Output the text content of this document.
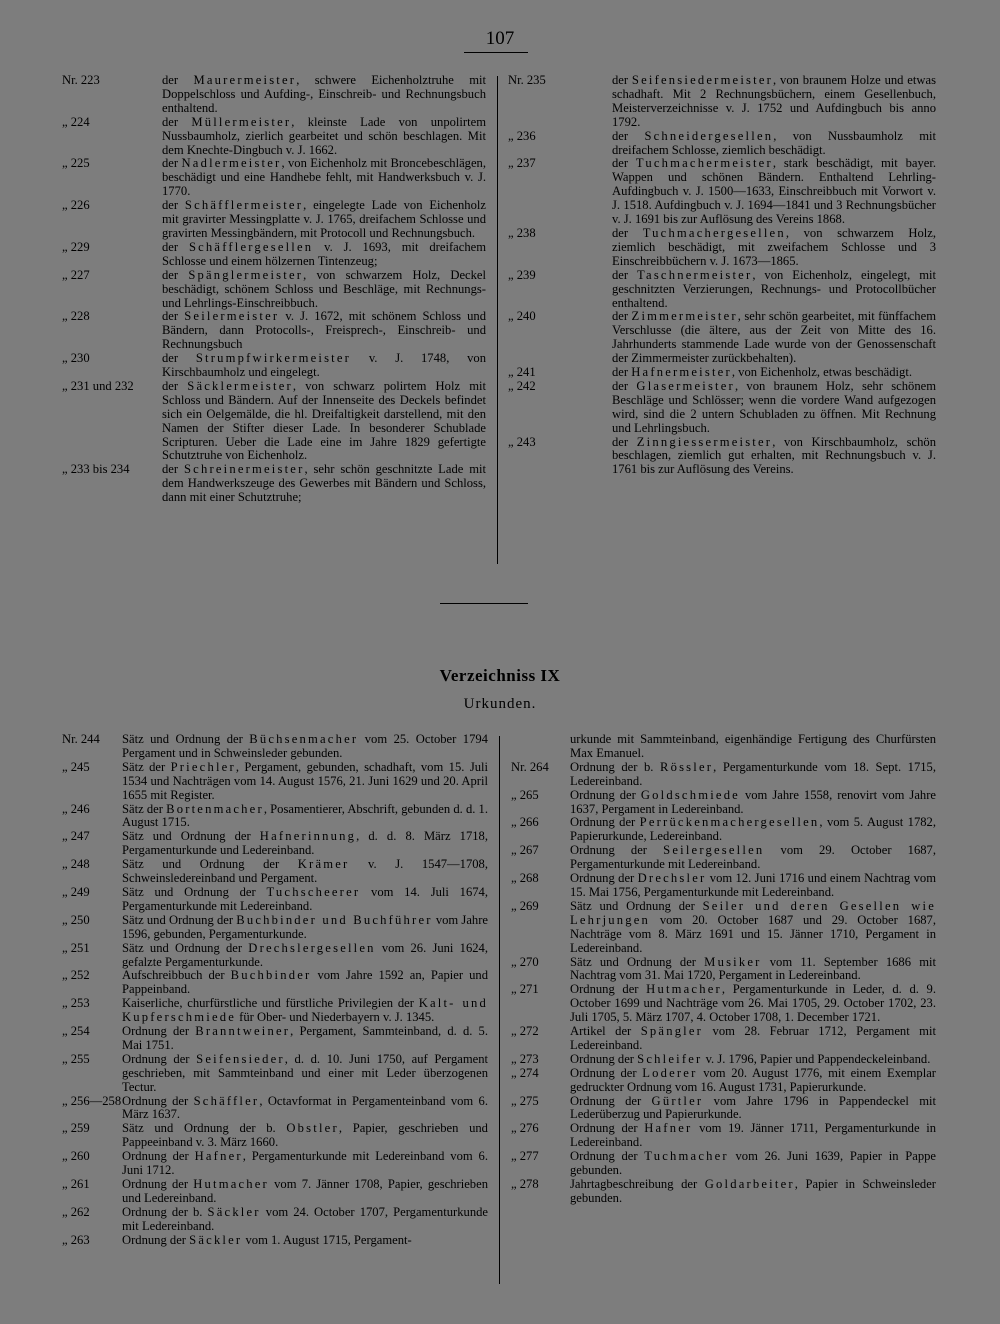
107
Nr. 223	der Maurermeister, schwere Eichenholztruhe mit Doppelschloss und Aufding-, Einschreib- und Rechnungsbuch enthaltend.
„ 224	der Müllermeister, kleinste Lade von unpolirtem Nussbaumholz, zierlich gearbeitet und schön beschlagen. Mit dem Knechte-Dingbuch v. J. 1662.
„ 225	der Nadlermeister, von Eichenholz mit Broncebeschlägen, beschädigt und eine Handhebe fehlt, mit Handwerksbuch v. J. 1770.
„ 226	der Schäfflermeister, eingelegte Lade von Eichenholz mit gravirter Messingplatte v. J. 1765, dreifachem Schlosse und gravirten Messingbändern, mit Protocoll und Rechnungsbuch.
„ 229	der Schäfflergesellen v. J. 1693, mit dreifachem Schlosse und einem hölzernen Tintenzeug;
„ 227	der Spänglermeister, von schwarzem Holz, Deckel beschädigt, schönem Schloss und Beschläge, mit Rechnungs- und Lehrlings-Einschreibbuch.
„ 228	der Seilermeister v. J. 1672, mit schönem Schloss und Bändern, dann Protocolls-, Freisprech-, Einschreib- und Rechnungsbuch
„ 230	der Strumpfwirkermeister v. J. 1748, von Kirschbaumholz und eingelegt.
„ 231 und 232	der Säcklermeister, von schwarz polirtem Holz mit Schloss und Bändern. Auf der Innenseite des Deckels befindet sich ein Oelgemälde, die hl. Dreifaltigkeit darstellend, mit den Namen der Stifter dieser Lade. In besonderer Schublade Scripturen. Ueber die Lade eine im Jahre 1829 gefertigte Schutztruhe von Eichenholz.
„ 233 bis 234	der Schreinermeister, sehr schön geschnitzte Lade mit dem Handwerkszeuge des Gewerbes mit Bändern und Schloss, dann mit einer Schutztruhe;
Nr. 235	der Seifensiedermeister, von braunem Holze und etwas schadhaft. Mit 2 Rechnungsbüchern, einem Gesellenbuch, Meisterverzeichnisse v. J. 1752 und Aufdingbuch bis anno 1792.
„ 236	der Schneidergesellen, von Nussbaumholz mit dreifachem Schlosse, ziemlich beschädigt.
„ 237	der Tuchmachermeister, stark beschädigt, mit bayer. Wappen und schönen Bändern. Enthaltend Lehrling-Aufdingbuch v. J. 1500—1633, Einschreibbuch mit Vorwort v. J. 1518. Aufdingbuch v. J. 1694—1841 und 3 Rechnungsbücher v. J. 1691 bis zur Auflösung des Vereins 1868.
„ 238	der Tuchmachergesellen, von schwarzem Holz, ziemlich beschädigt, mit zweifachem Schlosse und 3 Einschreibbüchern v. J. 1673—1865.
„ 239	der Taschnermeister, von Eichenholz, eingelegt, mit geschnitzten Verzierungen, Rechnungs- und Protocollbücher enthaltend.
„ 240	der Zimmermeister, sehr schön gearbeitet, mit fünffachem Verschlusse (die ältere, aus der Zeit von Mitte des 16. Jahrhunderts stammende Lade wurde von der Genossenschaft der Zimmermeister zurückbehalten).
„ 241	der Hafnermeister, von Eichenholz, etwas beschädigt.
„ 242	der Glasermeister, von braunem Holz, sehr schönem Beschläge und Schlösser; wenn die vordere Wand aufgezogen wird, sind die 2 untern Schubladen zu öffnen. Mit Rechnung und Lehrlingsbuch.
„ 243	der Zinngiessermeister, von Kirschbaumholz, schön beschlagen, ziemlich gut erhalten, mit Rechnungsbuch v. J. 1761 bis zur Auflösung des Vereins.
Verzeichniss IX
Urkunden.
Nr. 244	Sätz und Ordnung der Büchsenmacher vom 25. October 1794 Pergament und in Schweinsleder gebunden.
„ 245	Sätz der Priechler, Pergament, gebunden, schadhaft, vom 15. Juli 1534 und Nachträgen vom 14. August 1576, 21. Juni 1629 und 20. April 1655 mit Register.
„ 246	Sätz der Bortenmacher, Posamentierer, Abschrift, gebunden d. d. 1. August 1715.
„ 247	Sätz und Ordnung der Hafnerinnung, d. d. 8. März 1718, Pergamenturkunde und Ledereinband.
„ 248	Sätz und Ordnung der Krämer v. J. 1547—1708, Schweinsledereinband und Pergament.
„ 249	Sätz und Ordnung der Tuchscheerer vom 14. Juli 1674, Pergamenturkunde mit Ledereinband.
„ 250	Sätz und Ordnung der Buchbinder und Buchführer vom Jahre 1596, gebunden, Pergamenturkunde.
„ 251	Sätz und Ordnung der Drechslergesellen vom 26. Juni 1624, gefalzte Pergamenturkunde.
„ 252	Aufschreibbuch der Buchbinder vom Jahre 1592 an, Papier und Pappeinband.
„ 253	Kaiserliche, churfürstliche und fürstliche Privilegien der Kalt- und Kupferschmiede für Ober- und Niederbayern v. J. 1345.
„ 254	Ordnung der Branntweiner, Pergament, Sammteinband, d. d. 5. Mai 1751.
„ 255	Ordnung der Seifensieder, d. d. 10. Juni 1750, auf Pergament geschrieben, mit Sammteinband und einer mit Leder überzogenen Tectur.
„ 256—258 Ordnung der Schäffler, Octavformat in Pergamenteinband vom 6. März 1637.
„ 259	Sätz und Ordnung der b. Obstler, Papier, geschrieben und Pappeeinband v. 3. März 1660.
„ 260	Ordnung der Hafner, Pergamenturkunde mit Ledereinband vom 6. Juni 1712.
„ 261	Ordnung der Hutmacher vom 7. Jänner 1708, Papier, geschrieben und Ledereinband.
„ 262	Ordnung der b. Säckler vom 24. October 1707, Pergamenturkunde mit Ledereinband.
„ 263	Ordnung der Säckler vom 1. August 1715, Pergament-
urkunde mit Sammteinband, eigenhändige Fertigung des Churfürsten Max Emanuel.
Nr. 264	Ordnung der b. Rössler, Pergamenturkunde vom 18. Sept. 1715, Ledereinband.
„ 265	Ordnung der Goldschmiede vom Jahre 1558, renovirt vom Jahre 1637, Pergament in Ledereinband.
„ 266	Ordnung der Perrückenmachergesellen, vom 5. August 1782, Papierurkunde, Ledereinband.
„ 267	Ordnung der Seilergesellen vom 29. October 1687, Pergamenturkunde mit Ledereinband.
„ 268	Ordnung der Drechsler vom 12. Juni 1716 und einem Nachtrag vom 15. Mai 1756, Pergamenturkunde mit Ledereinband.
„ 269	Sätz und Ordnung der Seiler und deren Gesellen wie Lehrjungen vom 20. October 1687 und 29. October 1687, Nachträge vom 8. März 1691 und 15. Jänner 1710, Pergament in Ledereinband.
„ 270	Sätz und Ordnung der Musiker vom 11. September 1686 mit Nachtrag vom 31. Mai 1720, Pergament in Ledereinband.
„ 271	Ordnung der Hutmacher, Pergamenturkunde in Leder, d. d. 9. October 1699 und Nachträge vom 26. Mai 1705, 29. October 1702, 23. Juli 1705, 5. März 1707, 4. October 1708, 1. December 1721.
„ 272	Artikel der Spängler vom 28. Februar 1712, Pergament mit Ledereinband.
„ 273	Ordnung der Schleifer v. J. 1796, Papier und Pappendeckeleinband.
„ 274	Ordnung der Loderer vom 20. August 1776, mit einem Exemplar gedruckter Ordnung vom 16. August 1731, Papierurkunde.
„ 275	Ordnung der Gürtler vom Jahre 1796 in Pappendeckel mit Lederüberzug und Papierurkunde.
„ 276	Ordnung der Hafner vom 19. Jänner 1711, Pergamenturkunde in Ledereinband.
„ 277	Ordnung der Tuchmacher vom 26. Juni 1639, Papier in Pappe gebunden.
„ 278	Jahrtagbeschreibung der Goldarbeiter, Papier in Schweinsleder gebunden.
